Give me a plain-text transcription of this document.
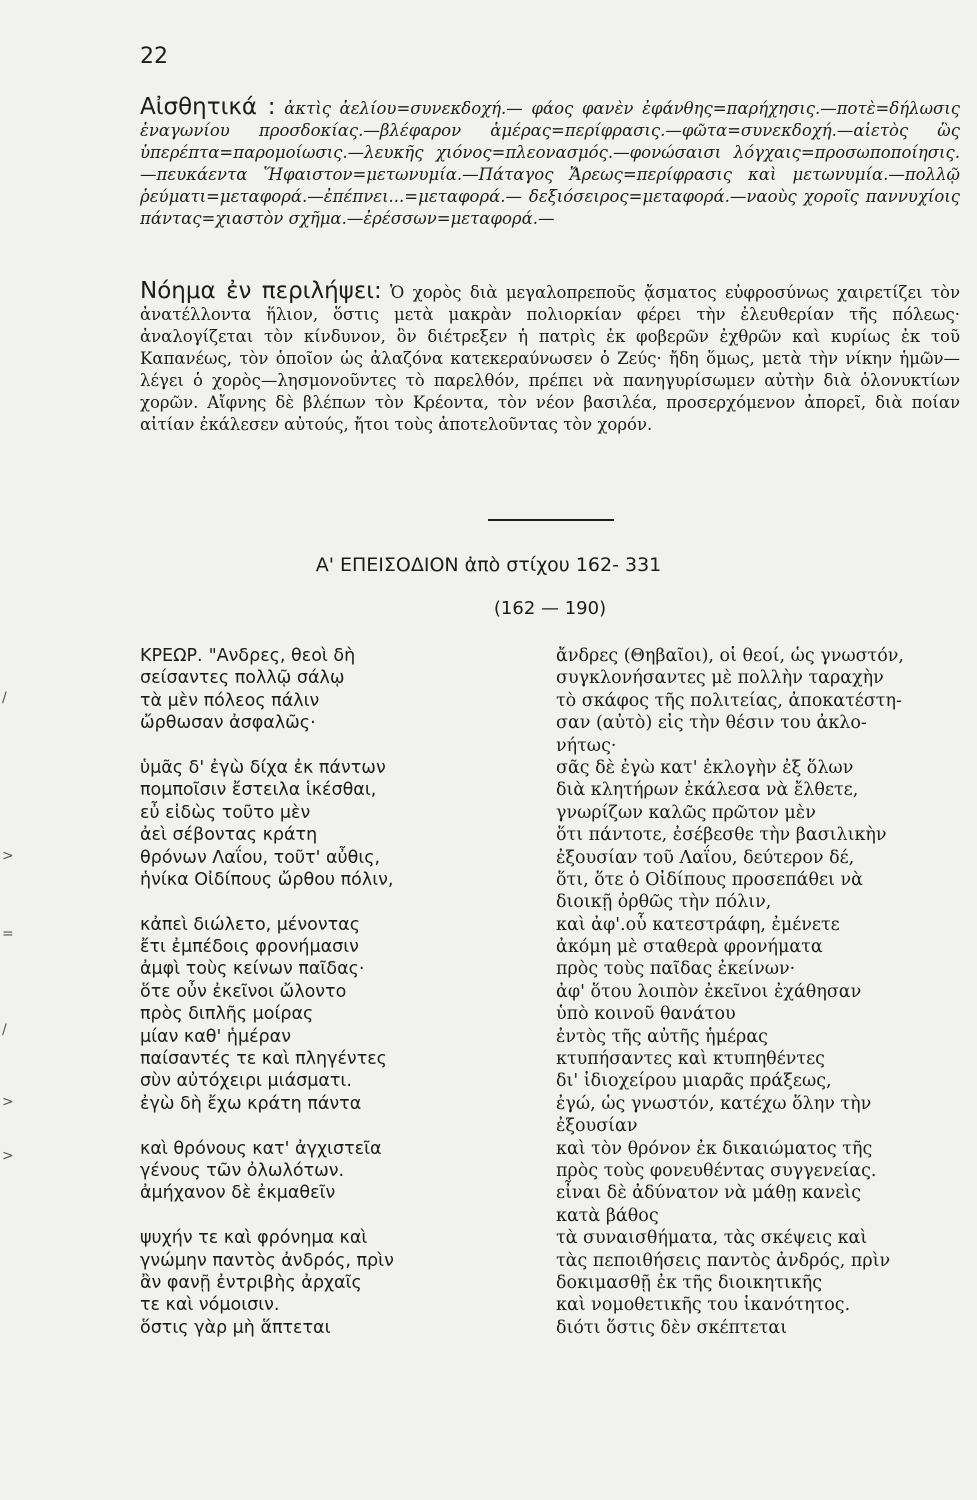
22
Αἰσθητικά : ἀκτὶς ἀελίου=συνεκδοχή.— φάος φανὲν ἐφάνθης=παρήχησις.—ποτὲ=δήλωσις ἐναγωνίου προσδοκίας.—βλέφαρον ἁμέρας=περίφρασις.—φῶτα=συνεκδοχή.—αἰετὸς ὣς ὑπερέπτα=παρομοίωσις.—λευκῆς χιόνος=πλεονασμός.—φονώσαισι λόγχαις=προσωποποίησις.—πευκάεντα Ἥφαιστον=μετωνυμία.—Πάταγος Ἄρεως=περίφρασις καὶ μετωνυμία.—πολλῷ ῥεύματι=μεταφορά.—ἐπέπνει...=μεταφορά.— δεξιόσειρος=μεταφορά.—ναοὺς χοροῖς παννυχίοις πάντας=χιαστὸν σχῆμα.—ἐρέσσων=μεταφορά.—
Νόημα ἐν περιλήψει: Ὁ χορὸς διὰ μεγαλοπρεποῦς ᾄσματος εὐφροσύνως χαιρετίζει τὸν ἀνατέλλοντα ἥλιον, ὅστις μετὰ μακρὰν πολιορκίαν φέρει τὴν ἐλευθερίαν τῆς πόλεως· ἀναλογίζεται τὸν κίνδυνον, ὃν διέτρεξεν ἡ πατρὶς ἐκ φοβερῶν ἐχθρῶν καὶ κυρίως ἐκ τοῦ Καπανέως, τὸν ὁποῖον ὡς ἀλαζόνα κατεκεραύνωσεν ὁ Ζεύς· ἤδη ὅμως, μετὰ τὴν νίκην ἡμῶν—λέγει ὁ χορὸς—λησμονοῦντες τὸ παρελθόν, πρέπει νὰ πανηγυρίσωμεν αὐτὴν διὰ ὁλονυκτίων χορῶν. Αἴφνης δὲ βλέπων τὸν Κρέοντα, τὸν νέον βασιλέα, προσερχόμενον ἀπορεῖ, διὰ ποίαν αἰτίαν ἐκάλεσεν αὐτούς, ἤτοι τοὺς ἀποτελοῦντας τὸν χορόν.
Α' ΕΠΕΙΣΟΔΙΟΝ ἀπὸ στίχου 162- 331
(162 — 190)
ΚΡΕΩΡ. "Ανδρες, θεοὶ δὴ
σείσαντες πολλῷ σάλῳ
τὰ μὲν πόλεος πάλιν
ὤρθωσαν ἀσφαλῶς·
ὑμᾶς δ' ἐγὼ δίχα ἐκ πάντων
πομποῖσιν ἔστειλα ἱκέσθαι,
εὖ εἰδὼς τοῦτο μὲν
ἀεὶ σέβοντας κράτη
θρόνων Λαΐου, τοῦτ' αὖθις,
ἡνίκα Οἰδίπους ὤρθου πόλιν,
κἀπεὶ διώλετο, μένοντας
ἔτι ἐμπέδοις φρονήμασιν
ἀμφὶ τοὺς κείνων παῖδας·
ὅτε οὖν ἐκεῖνοι ὤλοντο
πρὸς διπλῆς μοίρας
μίαν καθ' ἡμέραν
παίσαντές τε καὶ πληγέντες
σὺν αὐτόχειρι μιάσματι.
ἐγὼ δὴ ἔχω κράτη πάντα
καὶ θρόνους κατ' ἀγχιστεῖα
γένους τῶν ὀλωλότων.
ἀμήχανον δὲ ἐκμαθεῖν
ψυχήν τε καὶ φρόνημα καὶ
γνώμην παντὸς ἀνδρός, πρὶν
ἂν φανῇ ἐντριβὴς ἀρχαῖς
τε καὶ νόμοισιν.
ὅστις γὰρ μὴ ἅπτεται
ἄνδρες (Θηβαῖοι), οἱ θεοί, ὡς γνωστόν,
συγκλονήσαντες μὲ πολλὴν ταραχὴν
τὸ σκάφος τῆς πολιτείας, ἀποκατέστη-
σαν (αὐτὸ) εἰς τὴν θέσιν του ἀκλο-
νήτως·
σᾶς δὲ ἐγὼ κατ' ἐκλογὴν ἐξ ὅλων
διὰ κλητήρων ἐκάλεσα νὰ ἔλθετε,
γνωρίζων καλῶς πρῶτον μὲν
ὅτι πάντοτε, ἐσέβεσθε τὴν βασιλικὴν
ἐξουσίαν τοῦ Λαΐου, δεύτερον δέ,
ὅτι, ὅτε ὁ Οἰδίπους προσεπάθει νὰ
διοικῇ ὀρθῶς τὴν πόλιν,
καὶ ἀφ'.οὗ κατεστράφη, ἐμένετε
ἀκόμη μὲ σταθερὰ φρονήματα
πρὸς τοὺς παῖδας ἐκείνων·
ἀφ' ὅτου λοιπὸν ἐκεῖνοι ἐχάθησαν
ὑπὸ κοινοῦ θανάτου
ἐντὸς τῆς αὐτῆς ἡμέρας
κτυπήσαντες καὶ κτυπηθέντες
δι' ἰδιοχείρου μιαρᾶς πράξεως,
ἐγώ, ὡς γνωστόν, κατέχω ὅλην τὴν
ἐξουσίαν
καὶ τὸν θρόνον ἐκ δικαιώματος τῆς
πρὸς τοὺς φονευθέντας συγγενείας.
εἶναι δὲ ἀδύνατον νὰ μάθῃ κανεὶς
κατὰ βάθος
τὰ συναισθήματα, τὰς σκέψεις καὶ
τὰς πεποιθήσεις παντὸς ἀνδρός, πρὶν
δοκιμασθῇ ἐκ τῆς διοικητικῆς
καὶ νομοθετικῆς του ἱκανότητος.
διότι ὅστις δὲν σκέπτεται
/
>
=
/
>
>
